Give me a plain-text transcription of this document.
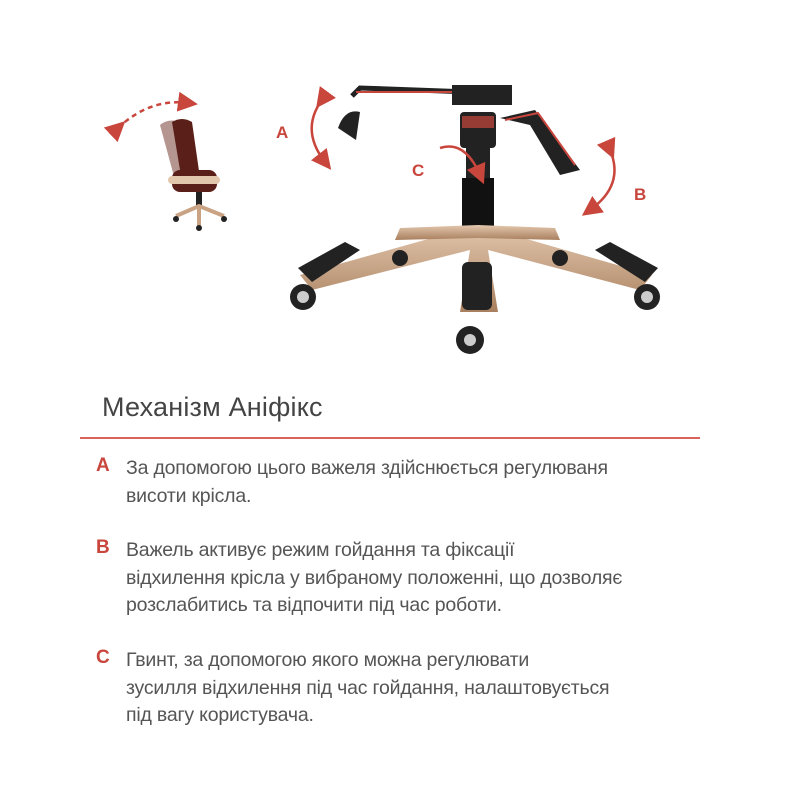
A
B
C
Механізм Аніфікс
A За допомогою цього важеля здійснюється регулюваня
висоти крісла.
B Важель активує режим гойдання та фіксації
відхилення крісла у вибраному положенні, що дозволяє
розслабитись та відпочити під час роботи.
C Гвинт, за допомогою якого можна регулювати
зусилля відхилення під час гойдання, налаштовується
під вагу користувача.
